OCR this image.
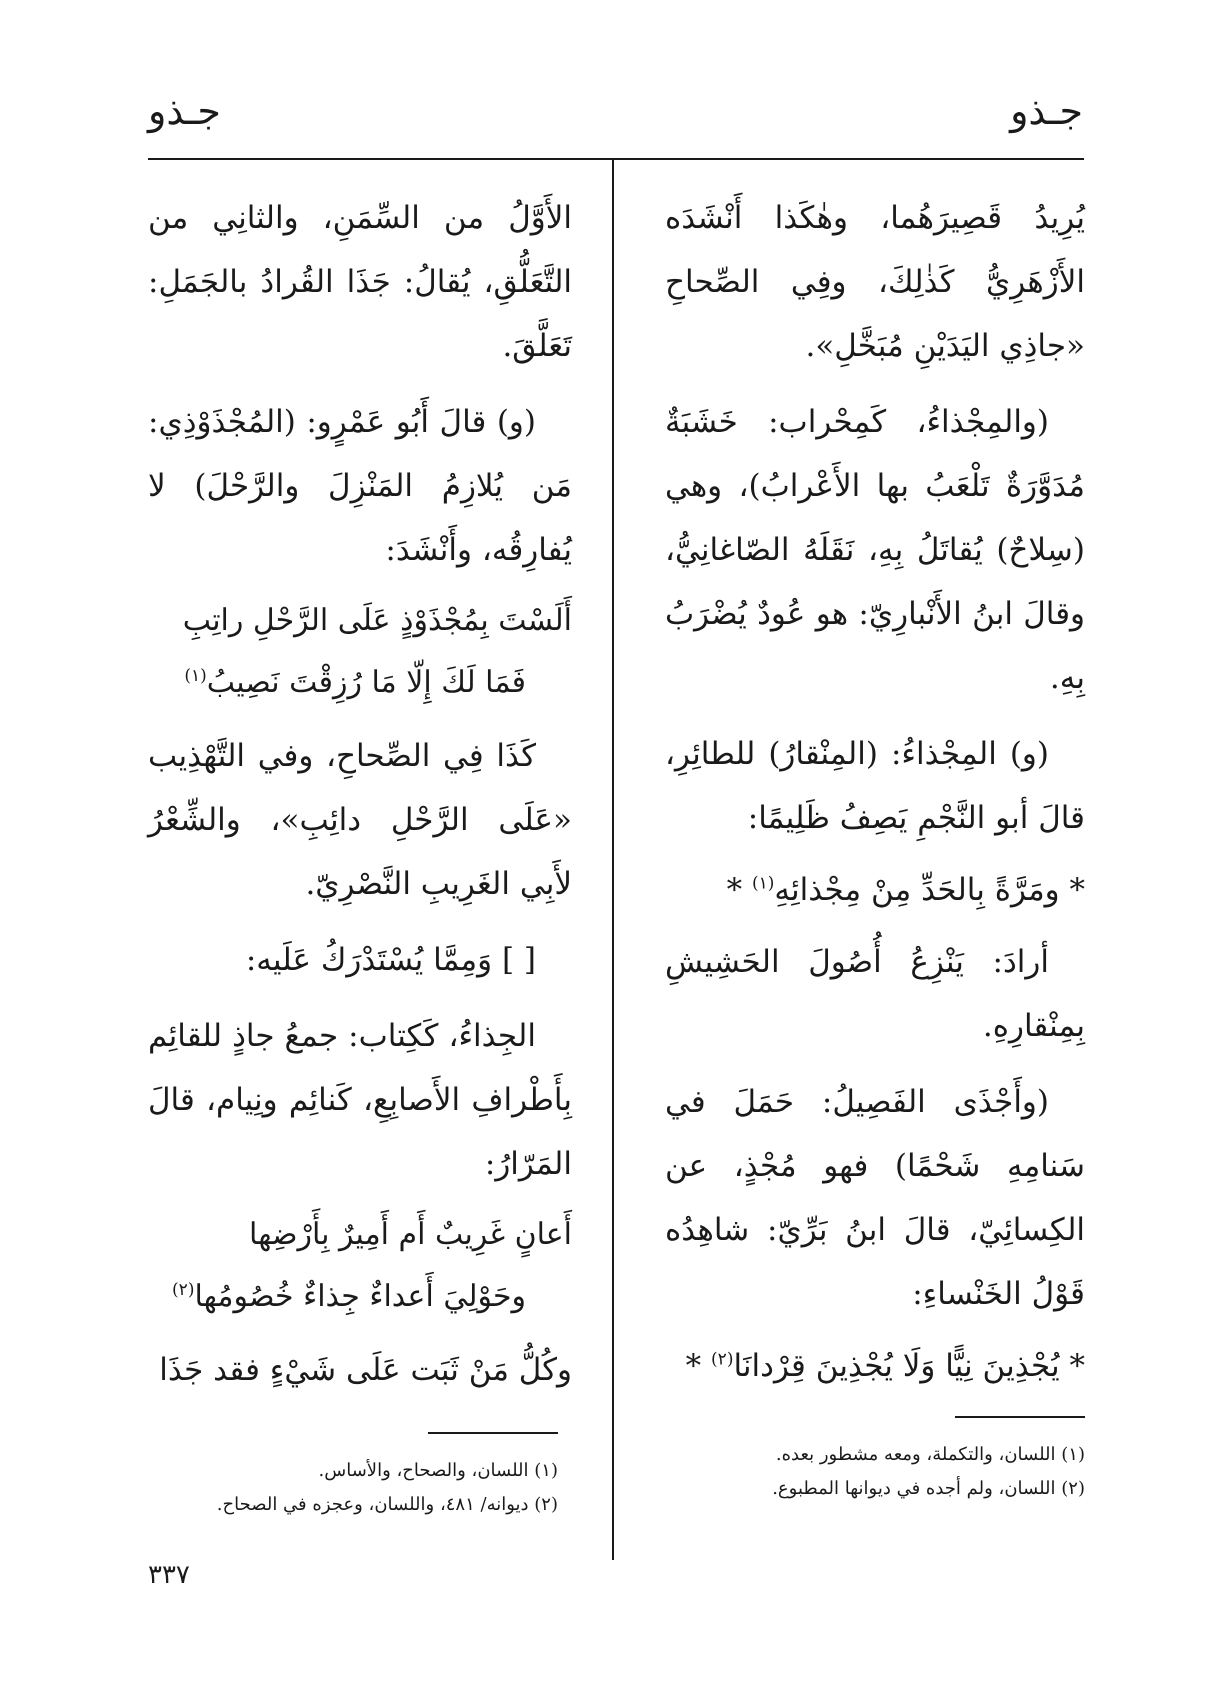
جـذو
جـذو

يُرِيدُ قَصِيرَهُما، وهٰكَذا أَنْشَدَه الأَزْهَرِيُّ كَذٰلِكَ، وفِي الصِّحاحِ «جاذِي اليَدَيْنِ مُبَخَّلِ».

(والمِجْذاءُ، كَمِحْراب: خَشَبَةٌ مُدَوَّرَةٌ تَلْعَبُ بها الأَعْرابُ)، وهي (سِلاحٌ) يُقاتَلُ بِهِ، نَقَلَهُ الصّاغانِيُّ، وقالَ ابنُ الأَنْبارِيّ: هو عُودٌ يُضْرَبُ بِهِ.

(و) المِجْذاءُ: (المِنْقارُ) للطائِرِ، قالَ أبو النَّجْمِ يَصِفُ ظَلِيمًا:

* ومَرَّةً بِالحَدِّ مِنْ مِجْذائِهِ$^{(١)}$ *

أرادَ: يَنْزِعُ أُصُولَ الحَشِيشِ بِمِنْقارِهِ.

(وأَجْذَى الفَصِيلُ: حَمَلَ في سَنامِهِ شَحْمًا) فهو مُجْذٍ، عن الكِسائِيّ، قالَ ابنُ بَرِّيّ: شاهِدُه قَوْلُ الخَنْساءِ:

* يُجْذِينَ نِيًّا وَلَا يُجْذِينَ قِرْدانَا$^{(٢)}$ *

الأَوَّلُ من السِّمَنِ، والثانِي من التَّعَلُّقِ، يُقالُ: جَذَا القُرادُ بالجَمَلِ: تَعَلَّقَ.

(و) قالَ أَبُو عَمْرٍو: (المُجْذَوْذِي: مَن يُلازِمُ المَنْزِلَ والرَّحْلَ) لا يُفارِقُه، وأَنْشَدَ:

أَلَسْتَ بِمُجْذَوْذٍ عَلَى الرَّحْلِ راتِبِ
فَمَا لَكَ إِلّا مَا رُزِقْتَ نَصِيبُ$^{(١)}$

كَذَا فِي الصِّحاحِ، وفي التَّهْذِيب «عَلَى الرَّحْلِ دائِبِ»، والشِّعْرُ لأَبِي الغَرِيبِ النَّصْرِيّ.

[ ] وَمِمَّا يُسْتَدْرَكُ عَلَيه:

الجِذاءُ، كَكِتاب: جمعُ جاذٍ للقائِم بِأَطْرافِ الأَصابِعِ، كَنائِم ونِيام، قالَ المَرّارُ:

أَعانٍ غَرِيبٌ أَم أَمِيرٌ بِأَرْضِها
وحَوْلِيَ أَعداءٌ جِذاءٌ خُصُومُها$^{(٢)}$

وكُلُّ مَنْ ثَبَت عَلَى شَيْءٍ فقد جَذَا

(١) اللسان، والتكملة، ومعه مشطور بعده.
(٢) اللسان، ولم أجده في ديوانها المطبوع.
(١) اللسان، والصحاح، والأساس.
(٢) ديوانه/ ٤٨١، واللسان، وعجزه في الصحاح.
٣٣٧
